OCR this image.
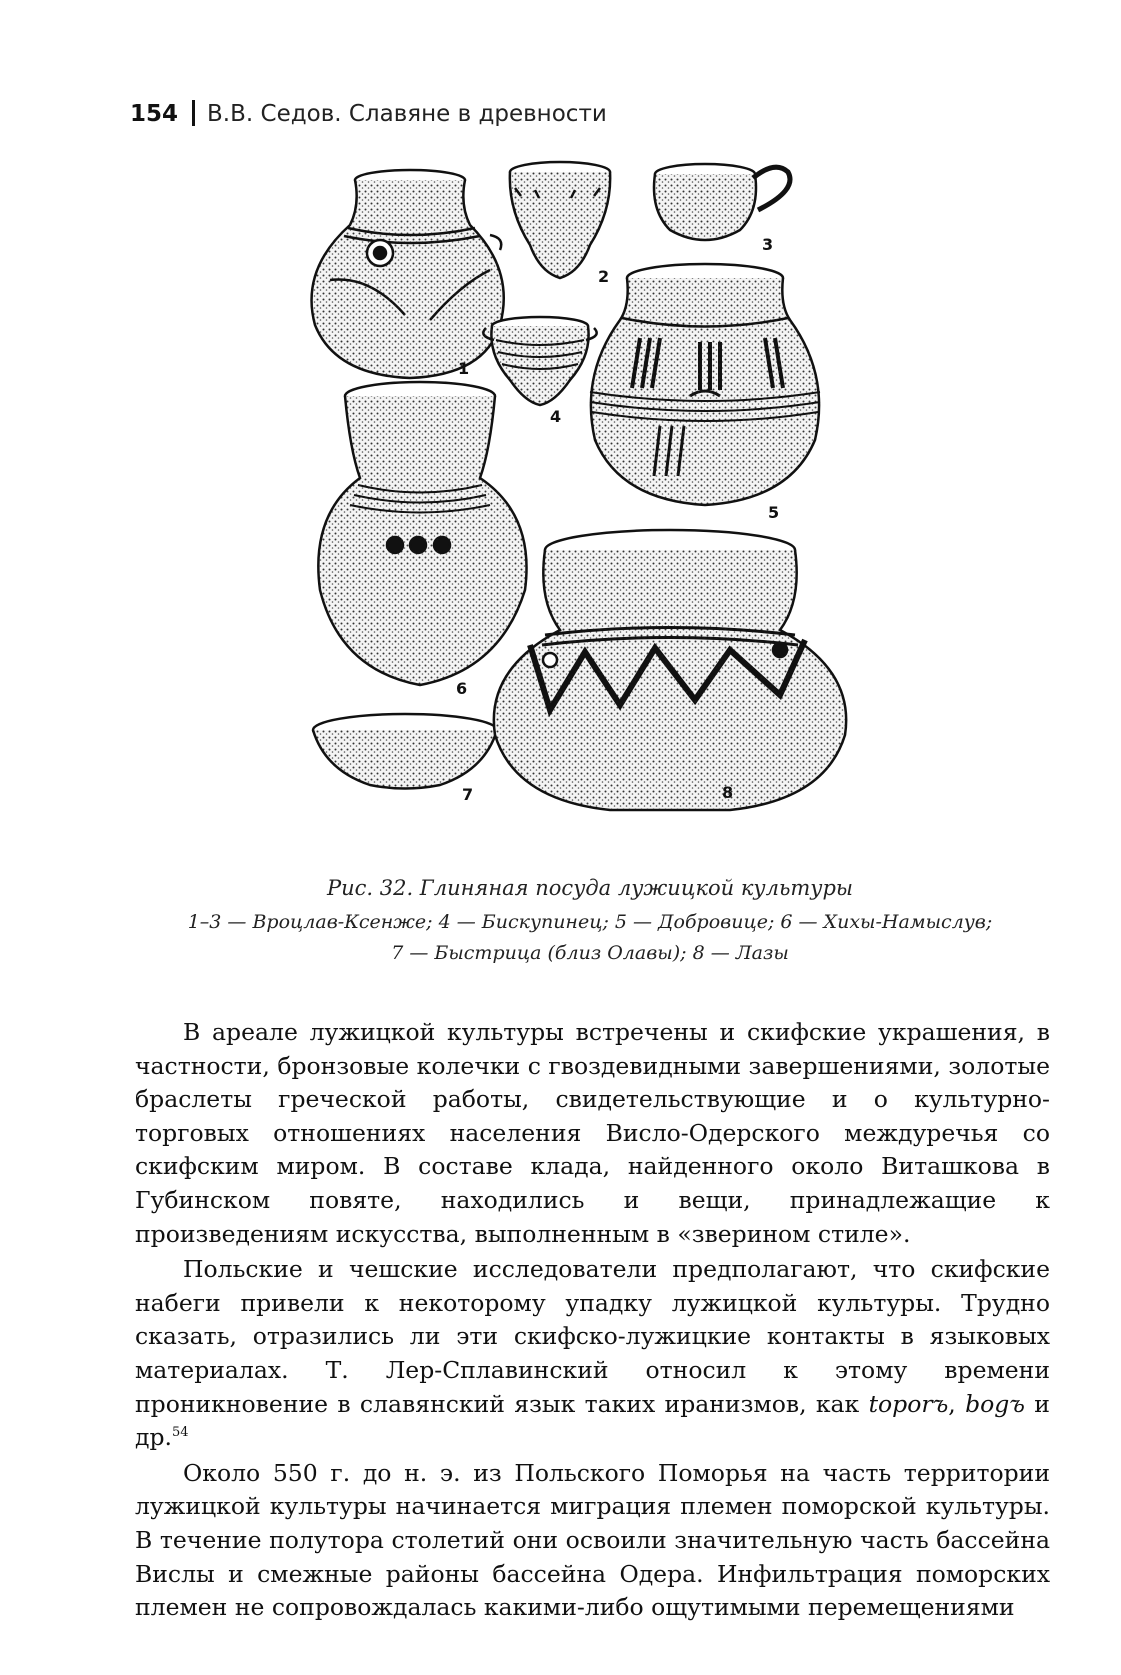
154 В.В. Седов. Славяне в древности
1
2
3
4
5
6
7	8
Рис. 32. Глиняная посуда лужицкой культуры
1–3 — Вроцлав-Ксенже; 4 — Бискупинец; 5 — Добровице; 6 — Хихы-Намыслув;
7 — Быстрица (близ Олавы); 8 — Лазы

В ареале лужицкой культуры встречены и скифские украшения, в частности, бронзовые колечки с гвоздевидными завершениями, золотые браслеты греческой работы, свидетельствующие и о культурно-торговых отношениях населения Висло-Одерского междуречья со скифским миром. В составе клада, найденного около Виташкова в Губинском повяте, находились и вещи, принадлежащие к произведениям искусства, выполненным в «зверином стиле».

Польские и чешские исследователи предполагают, что скифские набеги привели к некоторому упадку лужицкой культуры. Трудно сказать, отразились ли эти скифско-лужицкие контакты в языковых материалах. Т. Лер-Сплавинский относил к этому времени проникновение в славянский язык таких иранизмов, как toporъ, bogъ и др.$^{54}$

Около 550 г. до н. э. из Польского Поморья на часть территории лужицкой культуры начинается миграция племен поморской культуры. В течение полутора столетий они освоили значительную часть бассейна Вислы и смежные районы бассейна Одера. Инфильтрация поморских племен не сопровождалась какими-либо ощутимыми перемещениями
